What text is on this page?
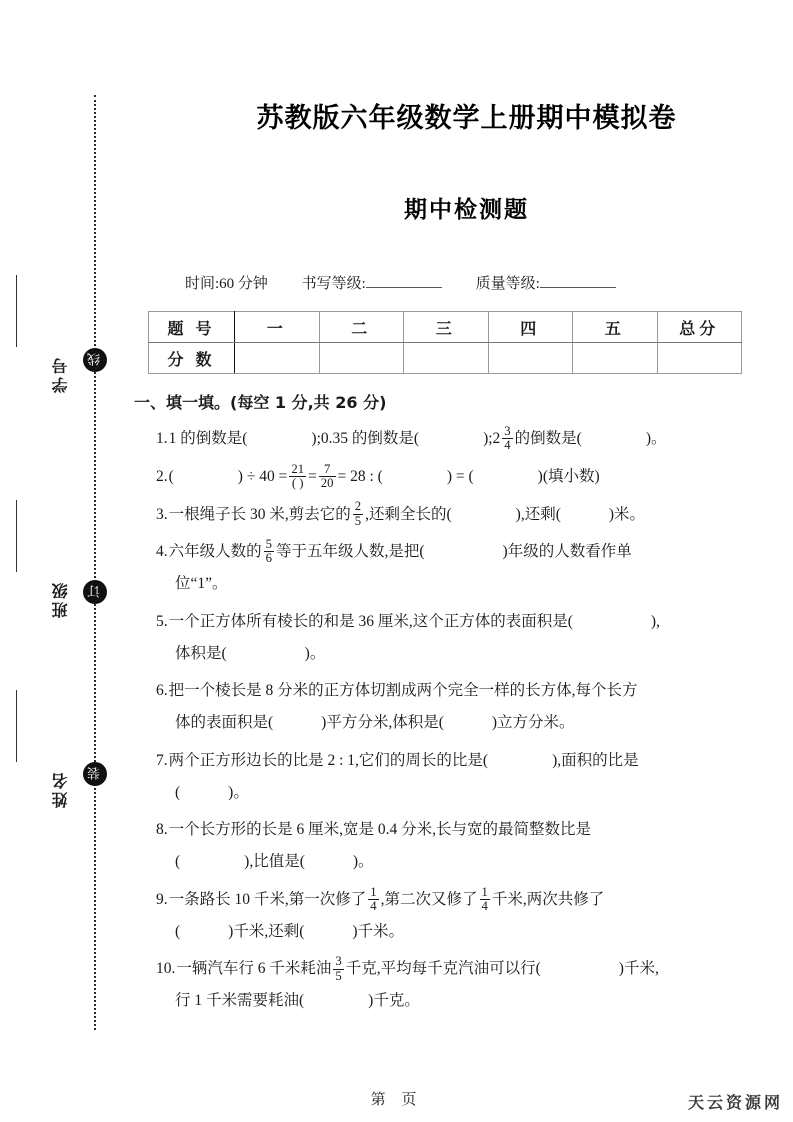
线
订
装
学号
班级
姓名
苏教版六年级数学上册期中模拟卷
期中检测题
时间:60 分钟 书写等级:	质量等级:
题 号	一	二	三	四	五	总分
分 数						
一、填一填。(每空 1 分,共 26 分)
1.1 的倒数是(	);0.35 的倒数是(	);2 $\frac{3}{4}$ 的倒数是(	)。
2.(	) ÷ $40 = \frac{21}{( )} = \frac{7}{20} = 28$ : (	) = (	)(填小数)
3.一根绳子长 30 米,剪去它的 $\frac{2}{5}$ ,还剩全长的(	),还剩(	)米。
4.六年级人数的 $\frac{5}{6}$ 等于五年级人数,是把(	)年级的人数看作单
位“1”。
5.一个正方体所有棱长的和是 36 厘米,这个正方体的表面积是(	),
体积是(	)。
6.把一个棱长是 8 分米的正方体切割成两个完全一样的长方体,每个长方
体的表面积是(	)平方分米,体积是(	)立方分米。
7.两个正方形边长的比是 2 : 1,它们的周长的比是(	),面积的比是
(	)。
8.一个长方形的长是 6 厘米,宽是 0.4 分米,长与宽的最简整数比是
(	),比值是(	)。
9.一条路长 10 千米,第一次修了 $\frac{1}{4}$ ,第二次又修了 $\frac{1}{4}$ 千米,两次共修了
(	)千米,还剩(	)千米。
10.一辆汽车行 6 千米耗油 $\frac{3}{5}$ 千克,平均每千克汽油可以行(	)千米,
行 1 千米需要耗油(	)千克。
第 页	天云资源网
